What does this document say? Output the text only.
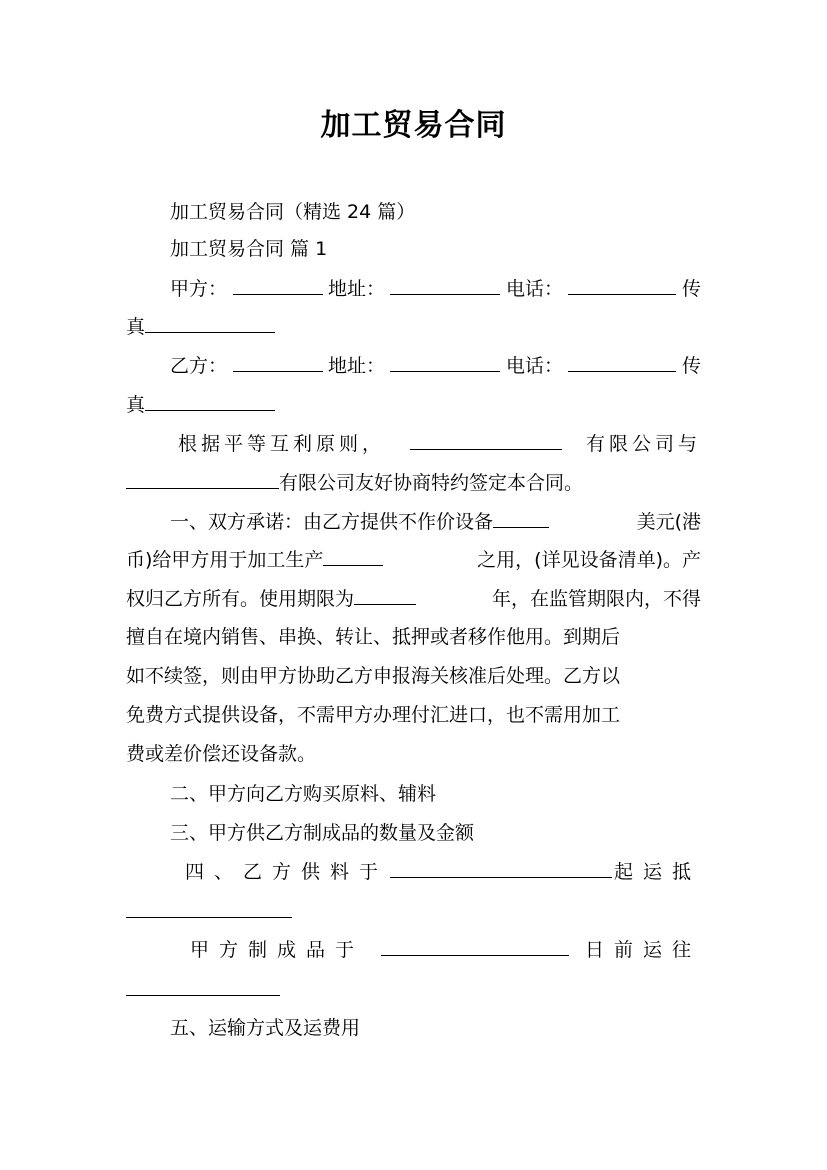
加工贸易合同
加工贸易合同（精选 24 篇）
加工贸易合同 篇 1
甲方：	地址：	电话：	传
真
乙方：	地址：	电话：	传
真
根据平等互利原则，	有限公司与
有限公司友好协商特约签定本合同。
一、双方承诺：由乙方提供不作价设备	美元(港
币)给甲方用于加工生产	之用，(详见设备清单)。产
权归乙方所有。使用期限为	年，在监管期限内，不得
擅自在境内销售、串换、转让、抵押或者移作他用。到期后
如不续签，则由甲方协助乙方申报海关核准后处理。乙方以
免费方式提供设备，不需甲方办理付汇进口，也不需用加工
费或差价偿还设备款。
二、甲方向乙方购买原料、辅料
三、甲方供乙方制成品的数量及金额
四、乙方供料于	起运抵
甲方制成品于	日前运往
五、运输方式及运费用
